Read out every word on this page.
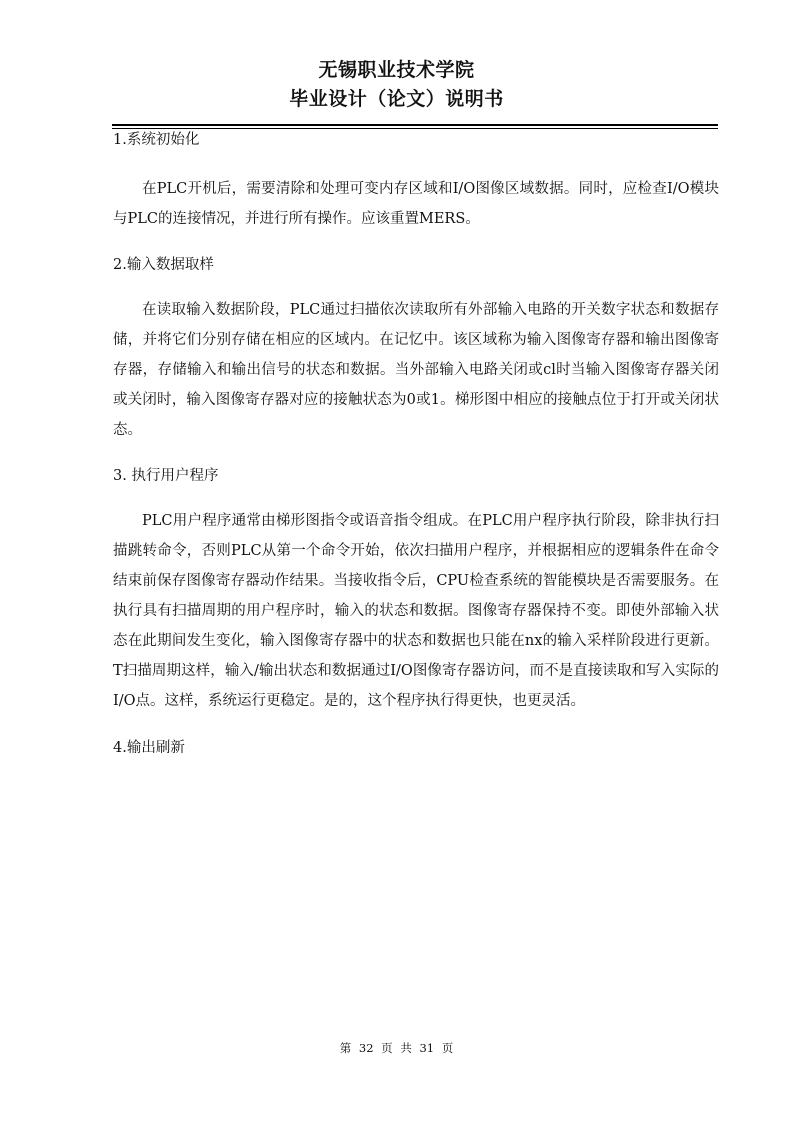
无锡职业技术学院
毕业设计（论文）说明书

1.系统初始化

在PLC开机后，需要清除和处理可变内存区域和I/O图像区域数据。同时，应检查I/O模块与PLC的连接情况，并进行所有操作。应该重置MERS。

2.输入数据取样

在读取输入数据阶段，PLC通过扫描依次读取所有外部输入电路的开关数字状态和数据存储，并将它们分别存储在相应的区域内。在记忆中。该区域称为输入图像寄存器和输出图像寄存器，存储输入和输出信号的状态和数据。当外部输入电路关闭或cl时当输入图像寄存器关闭或关闭时，输入图像寄存器对应的接触状态为0或1。梯形图中相应的接触点位于打开或关闭状态。

3. 执行用户程序

PLC用户程序通常由梯形图指令或语音指令组成。在PLC用户程序执行阶段，除非执行扫描跳转命令，否则PLC从第一个命令开始，依次扫描用户程序，并根据相应的逻辑条件在命令结束前保存图像寄存器动作结果。当接收指令后，CPU检查系统的智能模块是否需要服务。在执行具有扫描周期的用户程序时，输入的状态和数据。图像寄存器保持不变。即使外部输入状态在此期间发生变化，输入图像寄存器中的状态和数据也只能在nx的输入采样阶段进行更新。T扫描周期这样，输入/输出状态和数据通过I/O图像寄存器访问，而不是直接读取和写入实际的I/O点。这样，系统运行更稳定。是的，这个程序执行得更快，也更灵活。

4.输出刷新

第 32 页 共 31 页
